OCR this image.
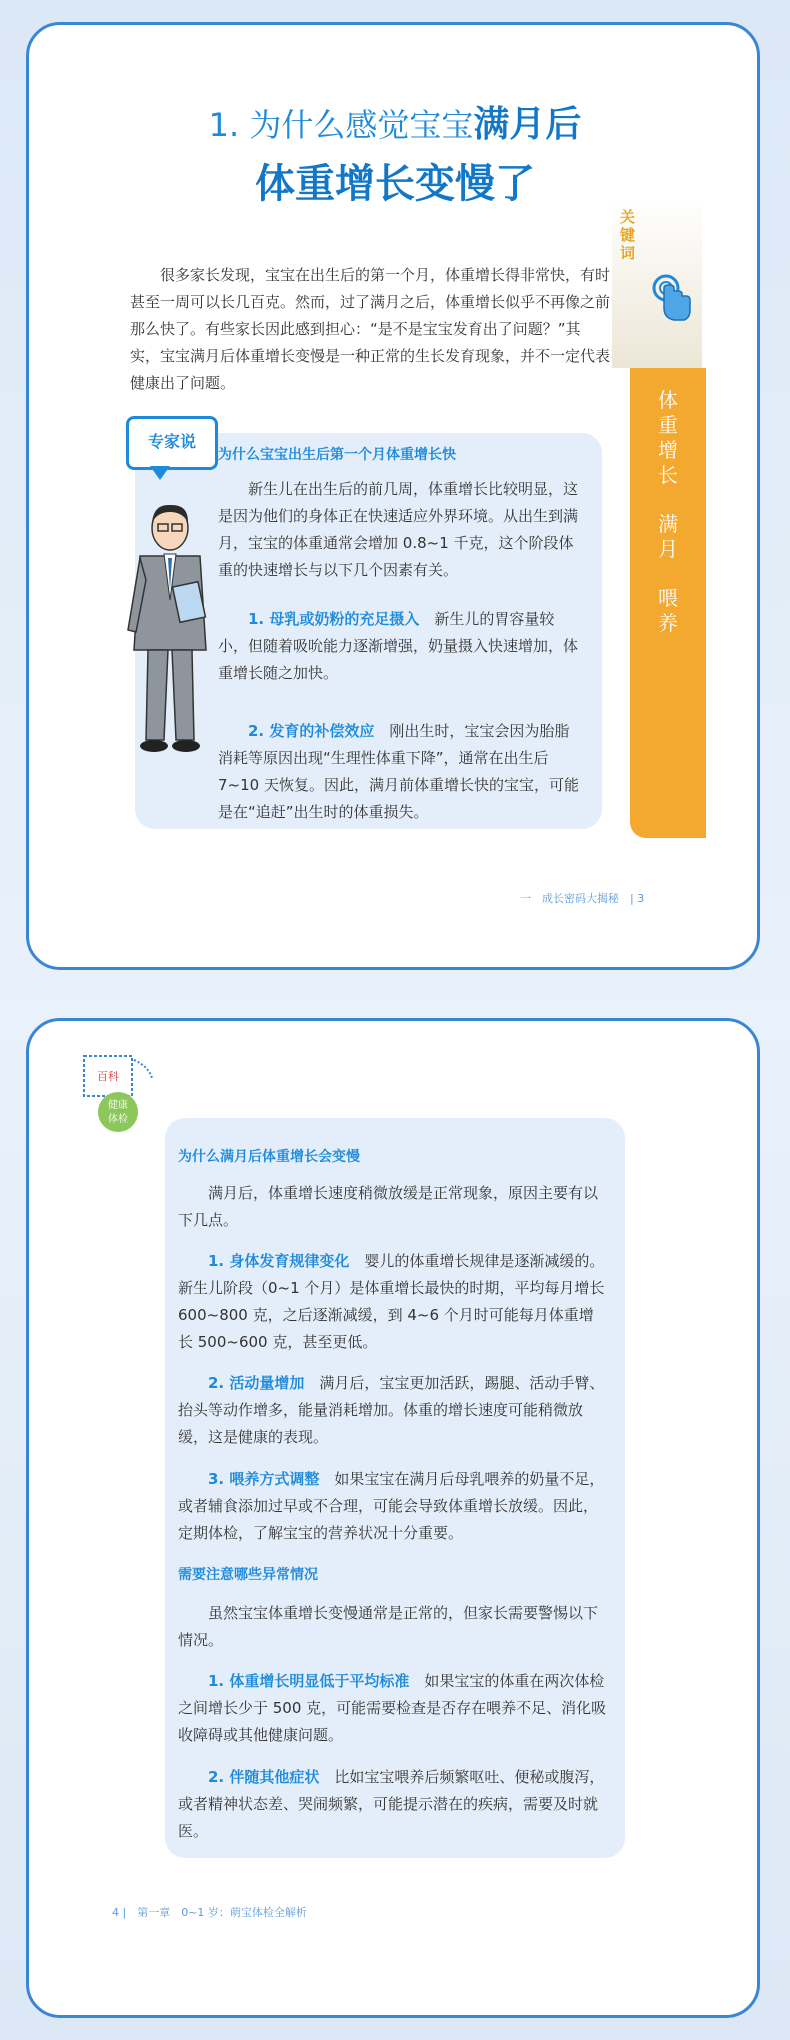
1. 为什么感觉宝宝满月后
体重增长变慢了

很多家长发现，宝宝在出生后的第一个月，体重增长得非常快，有时甚至一周可以长几百克。然而，过了满月之后，体重增长似乎不再像之前那么快了。有些家长因此感到担心：“是不是宝宝发育出了问题？”其实，宝宝满月后体重增长变慢是一种正常的生长发育现象，并不一定代表健康出了问题。

关键词
体重增长
满月
喂养
专家说
为什么宝宝出生后第一个月体重增长快

新生儿在出生后的前几周，体重增长比较明显，这是因为他们的身体正在快速适应外界环境。从出生到满月，宝宝的体重通常会增加 0.8~1 千克，这个阶段体重的快速增长与以下几个因素有关。

1. 母乳或奶粉的充足摄入　 新生儿的胃容量较小，但随着吸吮能力逐渐增强，奶量摄入快速增加，体重增长随之加快。

2. 发育的补偿效应　 刚出生时，宝宝会因为胎脂消耗等原因出现“生理性体重下降”，通常在出生后 7~10 天恢复。因此，满月前体重增长快的宝宝，可能是在“追赶”出生时的体重损失。

一　成长密码大揭秘　| 3
百科
健康
体检
为什么满月后体重增长会变慢

满月后，体重增长速度稍微放缓是正常现象，原因主要有以下几点。

1. 身体发育规律变化　 婴儿的体重增长规律是逐渐减缓的。新生儿阶段（0~1 个月）是体重增长最快的时期，平均每月增长 600~800 克，之后逐渐减缓，到 4~6 个月时可能每月体重增长 500~600 克，甚至更低。

2. 活动量增加　 满月后，宝宝更加活跃，踢腿、活动手臂、抬头等动作增多，能量消耗增加。体重的增长速度可能稍微放缓，这是健康的表现。

3. 喂养方式调整　 如果宝宝在满月后母乳喂养的奶量不足，或者辅食添加过早或不合理，可能会导致体重增长放缓。因此，定期体检，了解宝宝的营养状况十分重要。

需要注意哪些异常情况

虽然宝宝体重增长变慢通常是正常的，但家长需要警惕以下情况。

1. 体重增长明显低于平均标准　 如果宝宝的体重在两次体检之间增长少于 500 克，可能需要检查是否存在喂养不足、消化吸收障碍或其他健康问题。

2. 伴随其他症状　 比如宝宝喂养后频繁呕吐、便秘或腹泻，或者精神状态差、哭闹频繁，可能提示潜在的疾病，需要及时就医。

4 |　第一章　0~1 岁：萌宝体检全解析
